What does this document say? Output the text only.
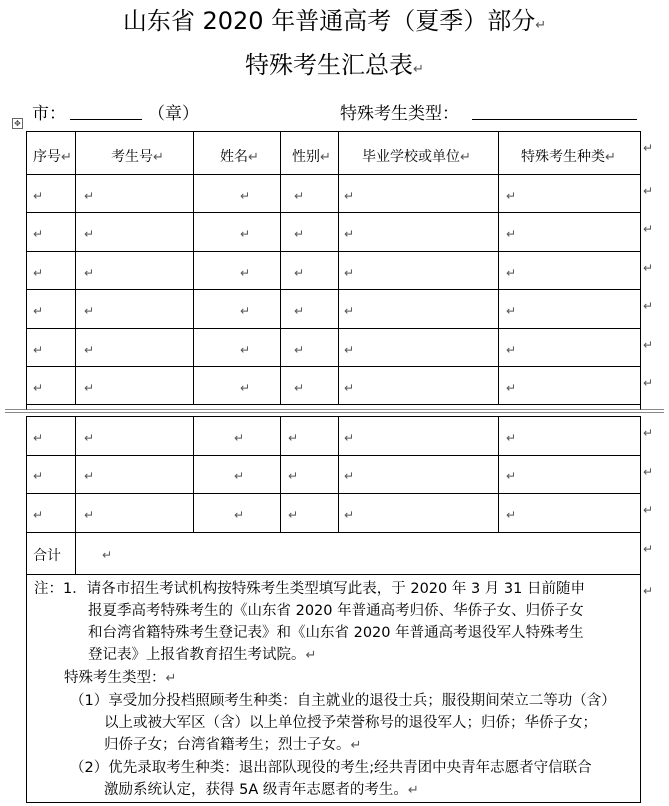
山东省 2020 年普通高考（夏季）部分↵
特殊考生汇总表↵
市：	（章）	特殊考生类型：
✥
序号↵	考生号↵	姓名↵ 性别↵ 毕业学校或单位↵	特殊考生种类↵
↵	↵	↵	↵	↵	↵
↵	↵	↵	↵	↵	↵
↵	↵	↵	↵	↵	↵
↵	↵	↵	↵	↵	↵
↵	↵	↵	↵	↵	↵
↵	↵	↵	↵	↵	↵
↵	↵	↵	↵	↵	↵
↵	↵	↵	↵	↵	↵
↵	↵	↵	↵	↵	↵
↵
↵
↵
↵
↵
↵
↵
↵
↵
↵
↵
↵
合计	↵
注：1．请各市招生考试机构按特殊考生类型填写此表，于 2020 年 3 月 31 日前随申
报夏季高考特殊考生的《山东省 2020 年普通高考归侨、华侨子女、归侨子女
和台湾省籍特殊考生登记表》和《山东省 2020 年普通高考退役军人特殊考生
登记表》上报省教育招生考试院。↵
特殊考生类型：↵
（1）享受加分投档照顾考生种类：自主就业的退役士兵；服役期间荣立二等功（含）
以上或被大军区（含）以上单位授予荣誉称号的退役军人；归侨；华侨子女；
归侨子女；台湾省籍考生；烈士子女。↵
（2）优先录取考生种类：退出部队现役的考生;经共青团中央青年志愿者守信联合
激励系统认定，获得 5A 级青年志愿者的考生。↵
